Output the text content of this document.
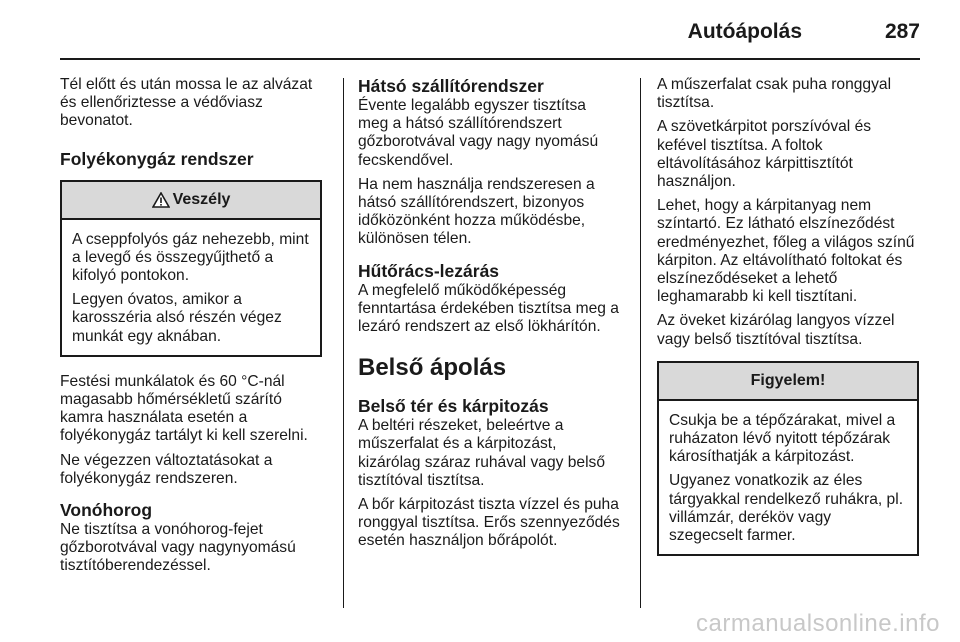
Autóápolás	287

Tél előtt és után mossa le az alvázat és ellenőriztesse a védőviasz bevonatot.

Folyékonygáz rendszer
Veszély

A cseppfolyós gáz nehezebb, mint a levegő és összegyűjthető a kifolyó pontokon.

Legyen óvatos, amikor a karosszéria alsó részén végez munkát egy aknában.

Festési munkálatok és 60 °C-nál magasabb hőmérsékletű szárító kamra használata esetén a folyékonygáz tartályt ki kell szerelni.

Ne végezzen változtatásokat a folyékonygáz rendszeren.

Vonóhorog

Ne tisztítsa a vonóhorog-fejet gőzborotvával vagy nagynyomású tisztítóberendezéssel.

Hátsó szállítórendszer

Évente legalább egyszer tisztítsa meg a hátsó szállítórendszert gőzborotvával vagy nagy nyomású fecskendővel.

Ha nem használja rendszeresen a hátsó szállítórendszert, bizonyos időközönként hozza működésbe, különösen télen.

Hűtőrács-lezárás

A megfelelő működőképesség fenntartása érdekében tisztítsa meg a lezáró rendszert az első lökhárítón.

Belső ápolás
Belső tér és kárpitozás

A beltéri részeket, beleértve a műszerfalat és a kárpitozást, kizárólag száraz ruhával vagy belső tisztítóval tisztítsa.

A bőr kárpitozást tiszta vízzel és puha ronggyal tisztítsa. Erős szennyeződés esetén használjon bőrápolót.

A műszerfalat csak puha ronggyal tisztítsa.

A szövetkárpitot porszívóval és kefével tisztítsa. A foltok eltávolításához kárpittisztítót használjon.

Lehet, hogy a kárpitanyag nem színtartó. Ez látható elszíneződést eredményezhet, főleg a világos színű kárpiton. Az eltávolítható foltokat és elszíneződéseket a lehető leghamarabb ki kell tisztítani.

Az öveket kizárólag langyos vízzel vagy belső tisztítóval tisztítsa.

Figyelem!

Csukja be a tépőzárakat, mivel a ruházaton lévő nyitott tépőzárak károsíthatják a kárpitozást.

Ugyanez vonatkozik az éles tárgyakkal rendelkező ruhákra, pl. villámzár, deréköv vagy szegecselt farmer.

carmanualsonline.info
